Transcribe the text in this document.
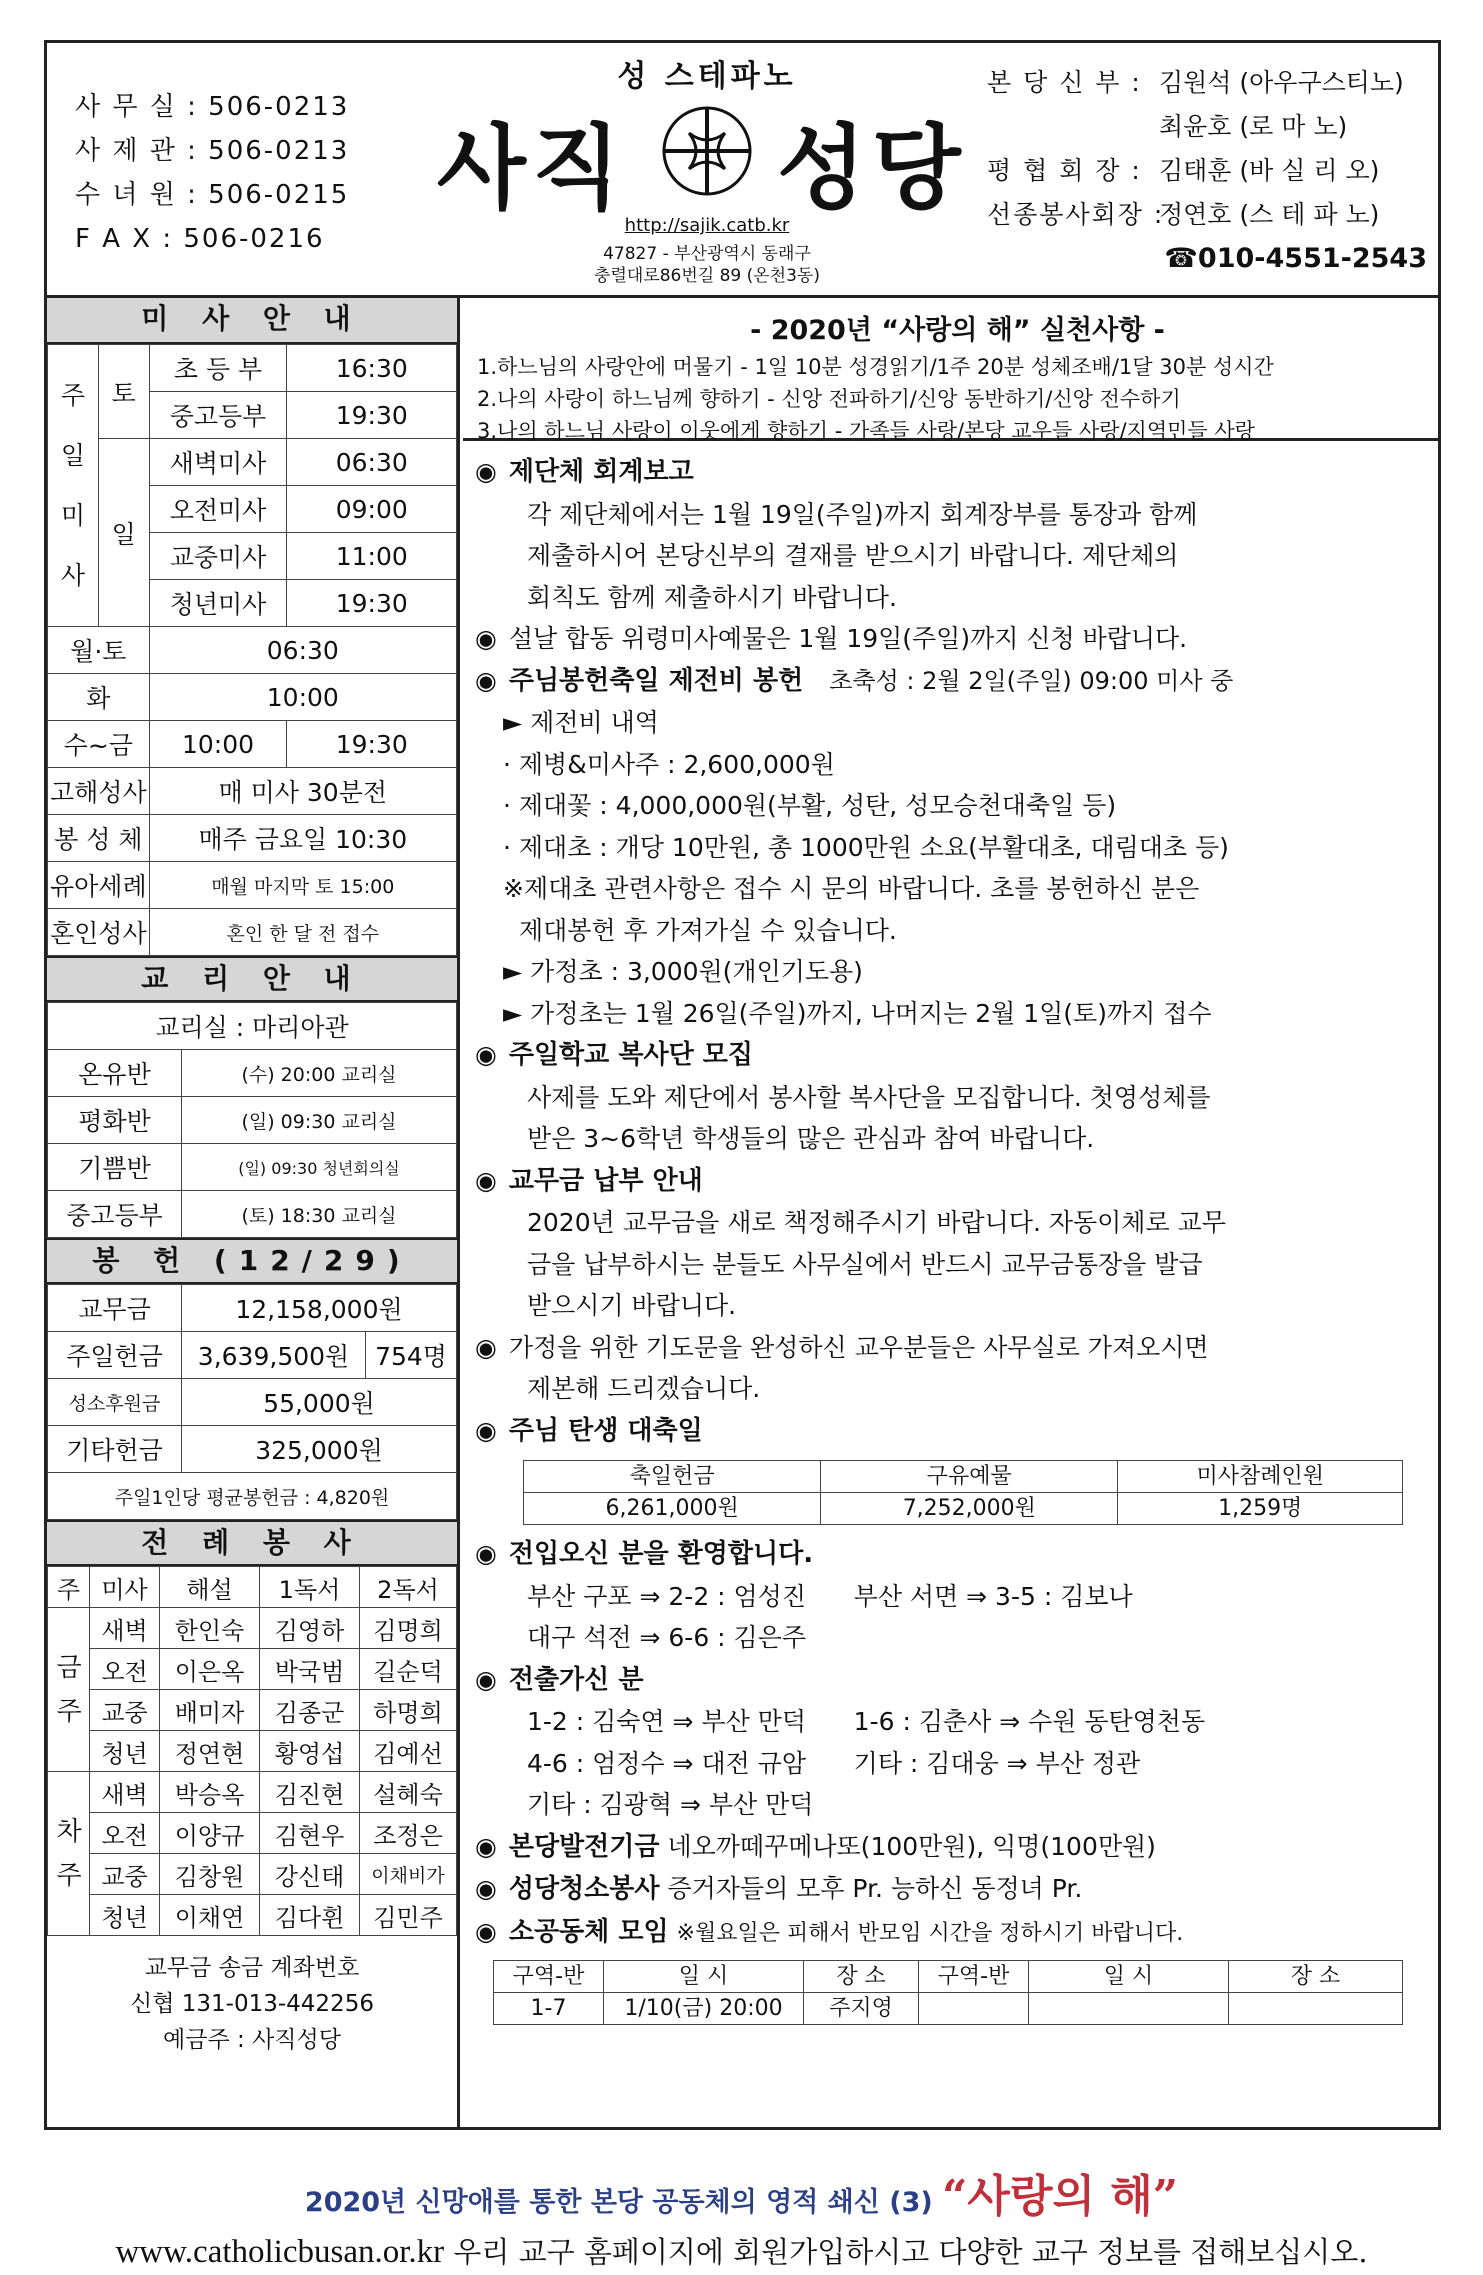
사 무 실 : 506-0213
사 제 관 : 506-0213
수 녀 원 : 506-0215
F A X : 506-0216
성 스테파노
사직 성당
http://sajik.catb.kr
47827 - 부산광역시 동래구
충렬대로86번길 89 (온천3동)
본 당 신 부 : 김원석 (아우구스티노)
최윤호 (로 마 노)
평 협 회 장 : 김태훈 (바 실 리 오)
선종봉사회장 :
정연호 (스 테 파 노)
☎010-4551-2543
미 사 안 내
주 일 미 사	토	초 등 부	16:30
		중고등부	19:30
	일	새벽미사	06:30
		오전미사	09:00
		교중미사	11:00
		청년미사	19:30
월·토		06:30	
화		10:00	
수~금		10:00	19:30
고해성사		매 미사 30분전	
봉 성 체		매주 금요일 10:30	
유아세례		매월 마지막 토 15:00	
혼인성사		혼인 한 달 전 접수	
교 리 안 내
교리실 : 마리아관	
온유반	(수) 20:00 교리실
평화반	(일) 09:30 교리실
기쁨반	(일) 09:30 청년회의실
중고등부	(토) 18:30 교리실
봉 헌 (12/29)
교무금	12,158,000원	
주일헌금	3,639,500원	754명
성소후원금	55,000원	
기타헌금	325,000원	
주일1인당 평균봉헌금 : 4,820원		
전 례 봉 사
주	미사	해설	1독서	2독서
금 주	새벽	한인숙	김영하	김명희
	오전	이은옥	박국범	길순덕
	교중	배미자	김종군	하명희
	청년	정연현	황영섭	김예선
차 주	새벽	박승옥	김진현	설혜숙
	오전	이양규	김현우	조정은
	교중	김창원	강신태	이채비가
	청년	이채연	김다휜	김민주
교무금 송금 계좌번호
신협 131-013-442256
예금주 : 사직성당
- 2020년 “사랑의 해” 실천사항 -
1.하느님의 사랑안에 머물기 - 1일 10분 성경읽기/1주 20분 성체조배/1달 30분 성시간
2.나의 사랑이 하느님께 향하기 - 신앙 전파하기/신앙 동반하기/신앙 전수하기
3.나의 하느님 사랑이 이웃에게 향하기 - 가족들 사랑/본당 교우들 사랑/지역민들 사랑
◉ 제단체 회계보고
각 제단체에서는 1월 19일(주일)까지 회계장부를 통장과 함께
제출하시어 본당신부의 결재를 받으시기 바랍니다. 제단체의
회칙도 함께 제출하시기 바랍니다.
◉ 설날 합동 위령미사예물은 1월 19일(주일)까지 신청 바랍니다.
◉ 주님봉헌축일 제전비 봉헌 초축성 : 2월 2일(주일) 09:00 미사 중
► 제전비 내역
· 제병&미사주 : 2,600,000원
· 제대꽃 : 4,000,000원(부활, 성탄, 성모승천대축일 등)
· 제대초 : 개당 10만원, 총 1000만원 소요(부활대초, 대림대초 등)
※제대초 관련사항은 접수 시 문의 바랍니다. 초를 봉헌하신 분은
제대봉헌 후 가져가실 수 있습니다.
► 가정초 : 3,000원(개인기도용)
► 가정초는 1월 26일(주일)까지, 나머지는 2월 1일(토)까지 접수
◉ 주일학교 복사단 모집
사제를 도와 제단에서 봉사할 복사단을 모집합니다. 첫영성체를
받은 3~6학년 학생들의 많은 관심과 참여 바랍니다.
◉ 교무금 납부 안내
2020년 교무금을 새로 책정해주시기 바랍니다. 자동이체로 교무
금을 납부하시는 분들도 사무실에서 반드시 교무금통장을 발급
받으시기 바랍니다.
◉ 가정을 위한 기도문을 완성하신 교우분들은 사무실로 가져오시면
제본해 드리겠습니다.
◉ 주님 탄생 대축일
축일헌금	구유예물	미사참례인원
6,261,000원	7,252,000원	1,259명
◉ 전입오신 분을 환영합니다.
부산 구포 ⇒ 2-2 : 엄성진      부산 서면 ⇒ 3-5 : 김보나
대구 석전 ⇒ 6-6 : 김은주
◉ 전출가신 분
1-2 : 김숙연 ⇒ 부산 만덕      1-6 : 김춘사 ⇒ 수원 동탄영천동
4-6 : 엄정수 ⇒ 대전 규암      기타 : 김대웅 ⇒ 부산 정관
기타 : 김광혁 ⇒ 부산 만덕
◉ 본당발전기금 네오까떼꾸메나또(100만원), 익명(100만원)
◉ 성당청소봉사 증거자들의 모후 Pr. 능하신 동정녀 Pr.
◉ 소공동체 모임 ※월요일은 피해서 반모임 시간을 정하시기 바랍니다.
구역-반	일 시	장 소	구역-반	일 시	장 소
1-7	1/10(금) 20:00	주지영			
2020년 신망애를 통한 본당 공동체의 영적 쇄신 (3) “사랑의 해”
www.catholicbusan.or.kr 우리 교구 홈페이지에 회원가입하시고 다양한 교구 정보를 접해보십시오.
